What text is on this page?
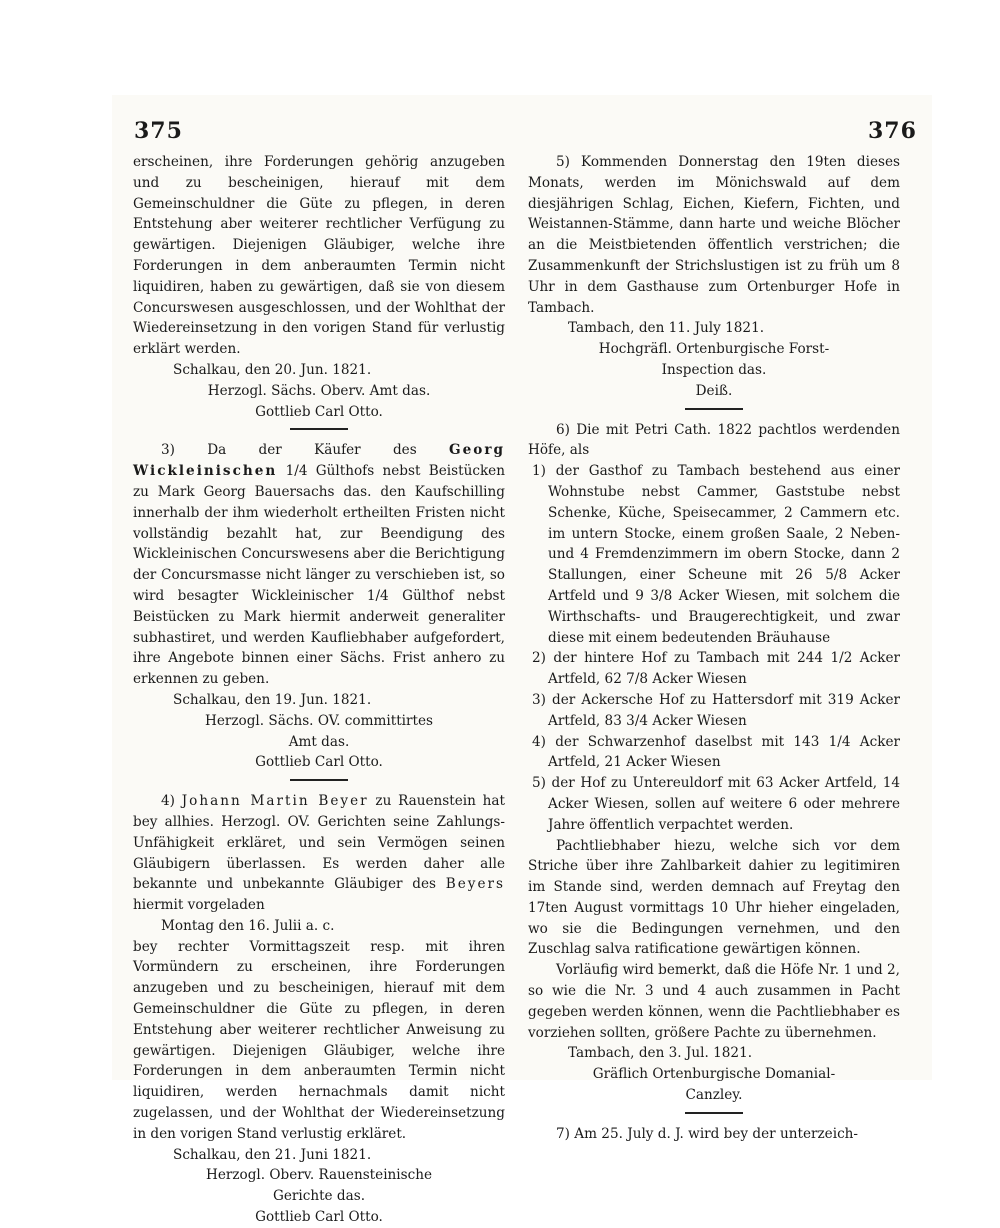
375	376

erscheinen, ihre Forderungen gehörig anzugeben und zu bescheinigen, hierauf mit dem Gemeinschuldner die Güte zu pflegen, in deren Entstehung aber weiterer rechtlicher Verfügung zu gewärtigen. Diejenigen Gläubiger, welche ihre Forderungen in dem anberaumten Termin nicht liquidiren, haben zu gewärtigen, daß sie von diesem Concurswesen ausgeschlossen, und der Wohlthat der Wiedereinsetzung in den vorigen Stand für verlustig erklärt werden.

Schalkau, den 20. Jun. 1821.

Herzogl. Sächs. Oberv. Amt das.

Gottlieb Carl Otto.

3) Da der Käufer des Georg Wickleinischen 1/4 Gülthofs nebst Beistücken zu Mark Georg Bauersachs das. den Kaufschilling innerhalb der ihm wiederholt ertheilten Fristen nicht vollständig bezahlt hat, zur Beendigung des Wickleinischen Concurswesens aber die Berichtigung der Concursmasse nicht länger zu verschieben ist, so wird besagter Wickleinischer 1/4 Gülthof nebst Beistücken zu Mark hiermit anderweit generaliter subhastiret, und werden Kaufliebhaber aufgefordert, ihre Angebote binnen einer Sächs. Frist anhero zu erkennen zu geben.

Schalkau, den 19. Jun. 1821.

Herzogl. Sächs. OV. committirtes

Amt das.

Gottlieb Carl Otto.

4) Johann Martin Beyer zu Rauenstein hat bey allhies. Herzogl. OV. Gerichten seine Zahlungs-Unfähigkeit erkläret, und sein Vermögen seinen Gläubigern überlassen. Es werden daher alle bekannte und unbekannte Gläubiger des Beyers hiermit vorgeladen

Montag den 16. Julii a. c.

bey rechter Vormittagszeit resp. mit ihren Vormündern zu erscheinen, ihre Forderungen anzugeben und zu bescheinigen, hierauf mit dem Gemeinschuldner die Güte zu pflegen, in deren Entstehung aber weiterer rechtlicher Anweisung zu gewärtigen. Diejenigen Gläubiger, welche ihre Forderungen in dem anberaumten Termin nicht liquidiren, werden hernachmals damit nicht zugelassen, und der Wohlthat der Wiedereinsetzung in den vorigen Stand verlustig erkläret.

Schalkau, den 21. Juni 1821.

Herzogl. Oberv. Rauensteinische

Gerichte das.

Gottlieb Carl Otto.

5) Kommenden Donnerstag den 19ten dieses Monats, werden im Mönichswald auf dem diesjährigen Schlag, Eichen, Kiefern, Fichten, und Weistannen-Stämme, dann harte und weiche Blöcher an die Meistbietenden öffentlich verstrichen; die Zusammenkunft der Strichslustigen ist zu früh um 8 Uhr in dem Gasthause zum Ortenburger Hofe in Tambach.

Tambach, den 11. July 1821.

Hochgräfl. Ortenburgische Forst-

Inspection das.

Deiß.

6) Die mit Petri Cath. 1822 pachtlos werdenden Höfe, als

1) der Gasthof zu Tambach bestehend aus einer Wohnstube nebst Cammer, Gaststube nebst Schenke, Küche, Speisecammer, 2 Cammern etc. im untern Stocke, einem großen Saale, 2 Neben- und 4 Fremdenzimmern im obern Stocke, dann 2 Stallungen, einer Scheune mit 26 5/8 Acker Artfeld und 9 3/8 Acker Wiesen, mit solchem die Wirthschafts- und Braugerechtigkeit, und zwar diese mit einem bedeutenden Bräuhause

2) der hintere Hof zu Tambach mit 244 1/2 Acker Artfeld, 62 7/8 Acker Wiesen

3) der Ackersche Hof zu Hattersdorf mit 319 Acker Artfeld, 83 3/4 Acker Wiesen

4) der Schwarzenhof daselbst mit 143 1/4 Acker Artfeld, 21 Acker Wiesen

5) der Hof zu Untereuldorf mit 63 Acker Artfeld, 14 Acker Wiesen, sollen auf weitere 6 oder mehrere Jahre öffentlich verpachtet werden.

Pachtliebhaber hiezu, welche sich vor dem Striche über ihre Zahlbarkeit dahier zu legitimiren im Stande sind, werden demnach auf Freytag den 17ten August vormittags 10 Uhr hieher eingeladen, wo sie die Bedingungen vernehmen, und den Zuschlag salva ratificatione gewärtigen können.

Vorläufig wird bemerkt, daß die Höfe Nr. 1 und 2, so wie die Nr. 3 und 4 auch zusammen in Pacht gegeben werden können, wenn die Pachtliebhaber es vorziehen sollten, größere Pachte zu übernehmen.

Tambach, den 3. Jul. 1821.

Gräflich Ortenburgische Domanial-

Canzley.

7) Am 25. July d. J. wird bey der unterzeich-
